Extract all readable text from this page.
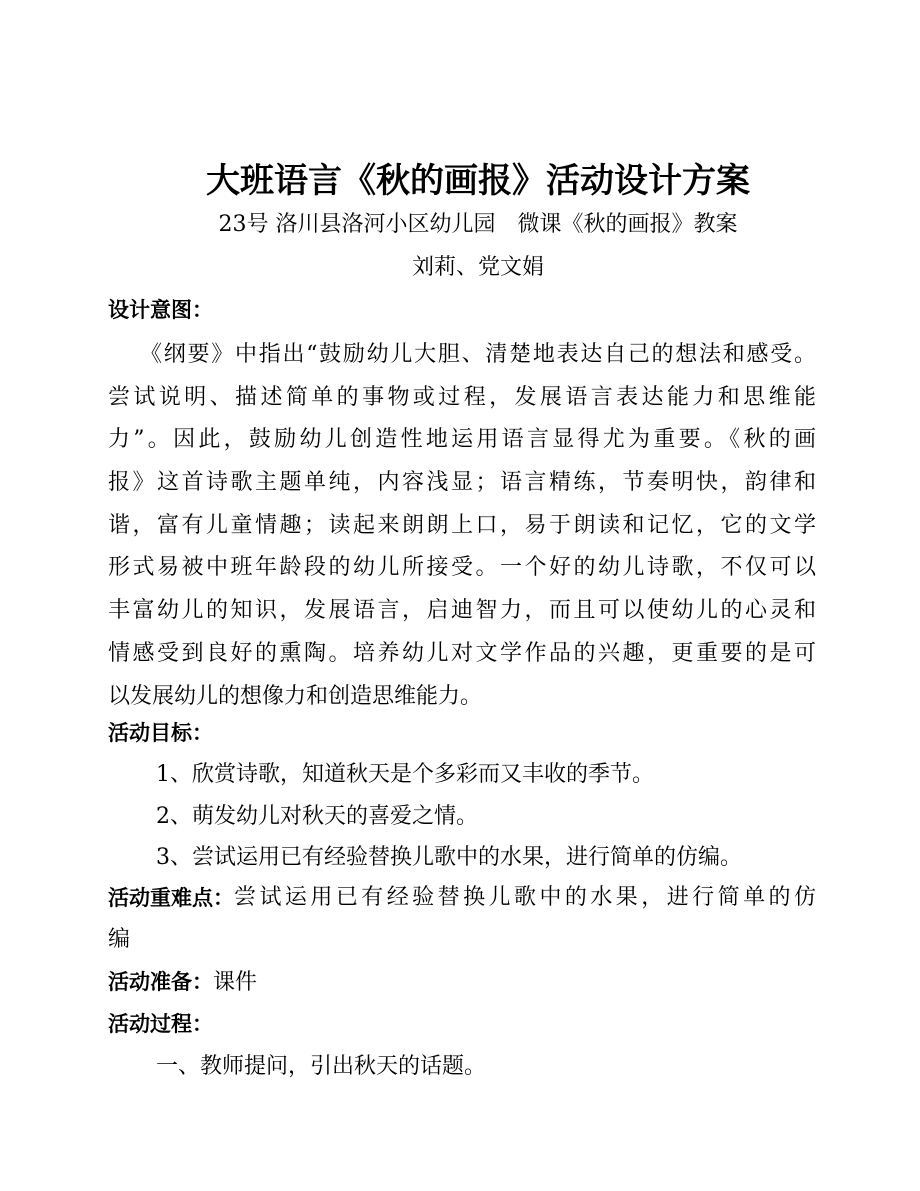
大班语言《秋的画报》活动设计方案
23号 洛川县洛河小区幼儿园　微课《秋的画报》教案
刘莉、党文娟
设计意图：
《纲要》中指出“鼓励幼儿大胆、清楚地表达自己的想法和感受。
尝试说明、描述简单的事物或过程，发展语言表达能力和思维能
力”。因此，鼓励幼儿创造性地运用语言显得尤为重要。《秋的画
报》这首诗歌主题单纯，内容浅显；语言精练，节奏明快，韵律和
谐，富有儿童情趣；读起来朗朗上口，易于朗读和记忆，它的文学
形式易被中班年龄段的幼儿所接受。一个好的幼儿诗歌，不仅可以
丰富幼儿的知识，发展语言，启迪智力，而且可以使幼儿的心灵和
情感受到良好的熏陶。培养幼儿对文学作品的兴趣，更重要的是可
以发展幼儿的想像力和创造思维能力。
活动目标：
1、欣赏诗歌，知道秋天是个多彩而又丰收的季节。
2、萌发幼儿对秋天的喜爱之情。
3、尝试运用已有经验替换儿歌中的水果，进行简单的仿编。
活动重难点： 尝试运用已有经验替换儿歌中的水果，进行简单的仿
编
活动准备：课件
活动过程：
一、教师提问，引出秋天的话题。
